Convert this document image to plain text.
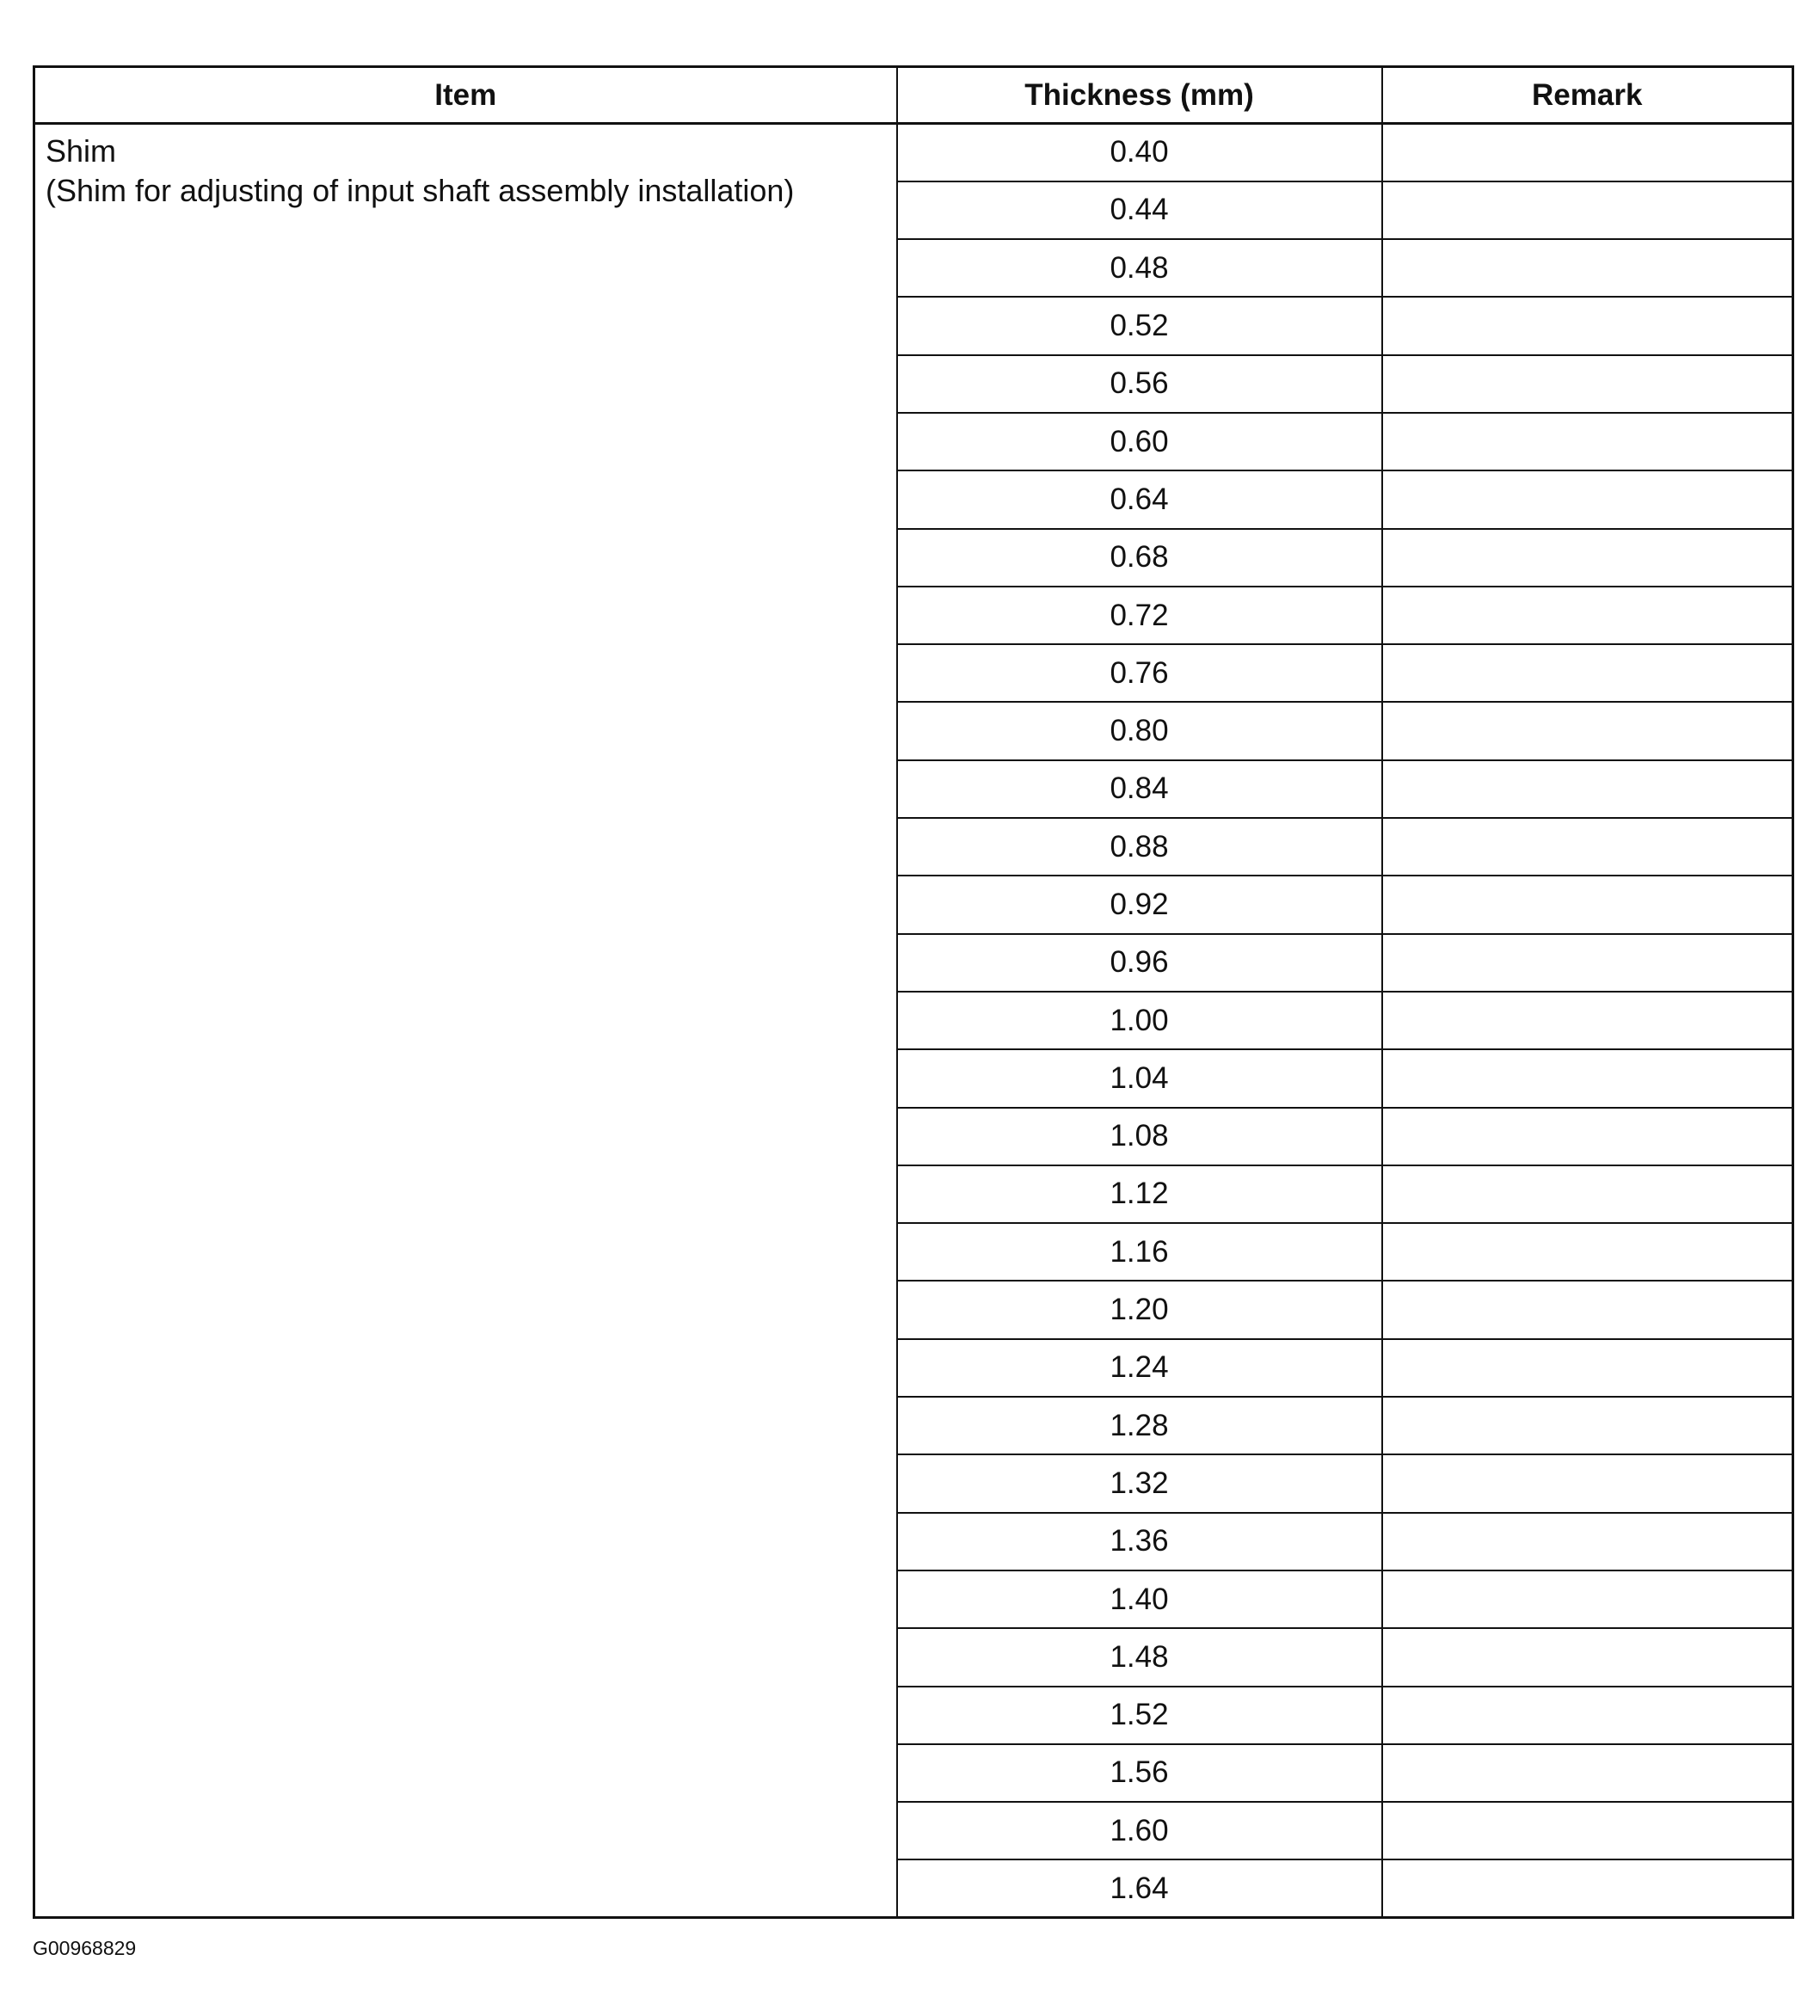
Item	Thickness (mm)	Remark

Shim
(Shim for adjusting of input shaft assembly installation)	0.40	
	0.44	
	0.48	
	0.52	
	0.56	
	0.60	
	0.64	
	0.68	
	0.72	
	0.76	
	0.80	
	0.84	
	0.88	
	0.92	
	0.96	
	1.00	
	1.04	
	1.08	
	1.12	
	1.16	
	1.20	
	1.24	
	1.28	
	1.32	
	1.36	
	1.40	
	1.48	
	1.52	
	1.56	
	1.60	
	1.64	
G00968829
